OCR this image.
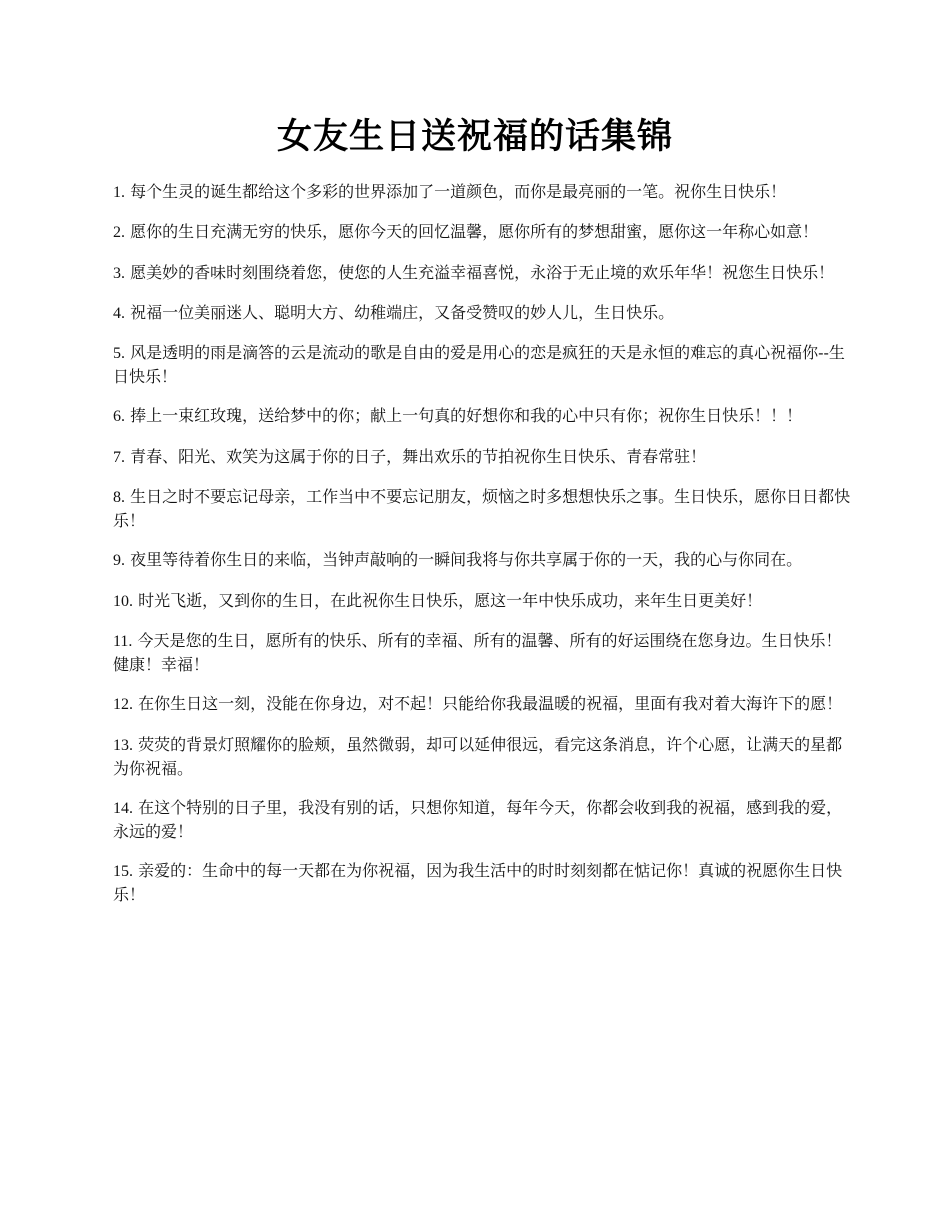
女友生日送祝福的话集锦
1. 每个生灵的诞生都给这个多彩的世界添加了一道颜色，而你是最亮丽的一笔。祝你生日快乐！
2. 愿你的生日充满无穷的快乐，愿你今天的回忆温馨，愿你所有的梦想甜蜜，愿你这一年称心如意！
3. 愿美妙的香味时刻围绕着您，使您的人生充溢幸福喜悦，永浴于无止境的欢乐年华！祝您生日快乐！
4. 祝福一位美丽迷人、聪明大方、幼稚端庄，又备受赞叹的妙人儿，生日快乐。
5. 风是透明的雨是滴答的云是流动的歌是自由的爱是用心的恋是疯狂的天是永恒的难忘的真心祝福你--生日快乐！
6. 捧上一束红玫瑰，送给梦中的你；献上一句真的好想你和我的心中只有你；祝你生日快乐！！！
7. 青春、阳光、欢笑为这属于你的日子，舞出欢乐的节拍祝你生日快乐、青春常驻！
8. 生日之时不要忘记母亲，工作当中不要忘记朋友，烦恼之时多想想快乐之事。生日快乐，愿你日日都快乐！
9. 夜里等待着你生日的来临，当钟声敲响的一瞬间我将与你共享属于你的一天，我的心与你同在。
10. 时光飞逝，又到你的生日，在此祝你生日快乐，愿这一年中快乐成功，来年生日更美好！
11. 今天是您的生日，愿所有的快乐、所有的幸福、所有的温馨、所有的好运围绕在您身边。生日快乐！健康！幸福！
12. 在你生日这一刻，没能在你身边，对不起！只能给你我最温暖的祝福，里面有我对着大海许下的愿！
13. 荧荧的背景灯照耀你的脸颊，虽然微弱，却可以延伸很远，看完这条消息，许个心愿，让满天的星都为你祝福。
14. 在这个特别的日子里，我没有别的话，只想你知道，每年今天，你都会收到我的祝福，感到我的爱，永远的爱！
15. 亲爱的：生命中的每一天都在为你祝福，因为我生活中的时时刻刻都在惦记你！真诚的祝愿你生日快乐！
